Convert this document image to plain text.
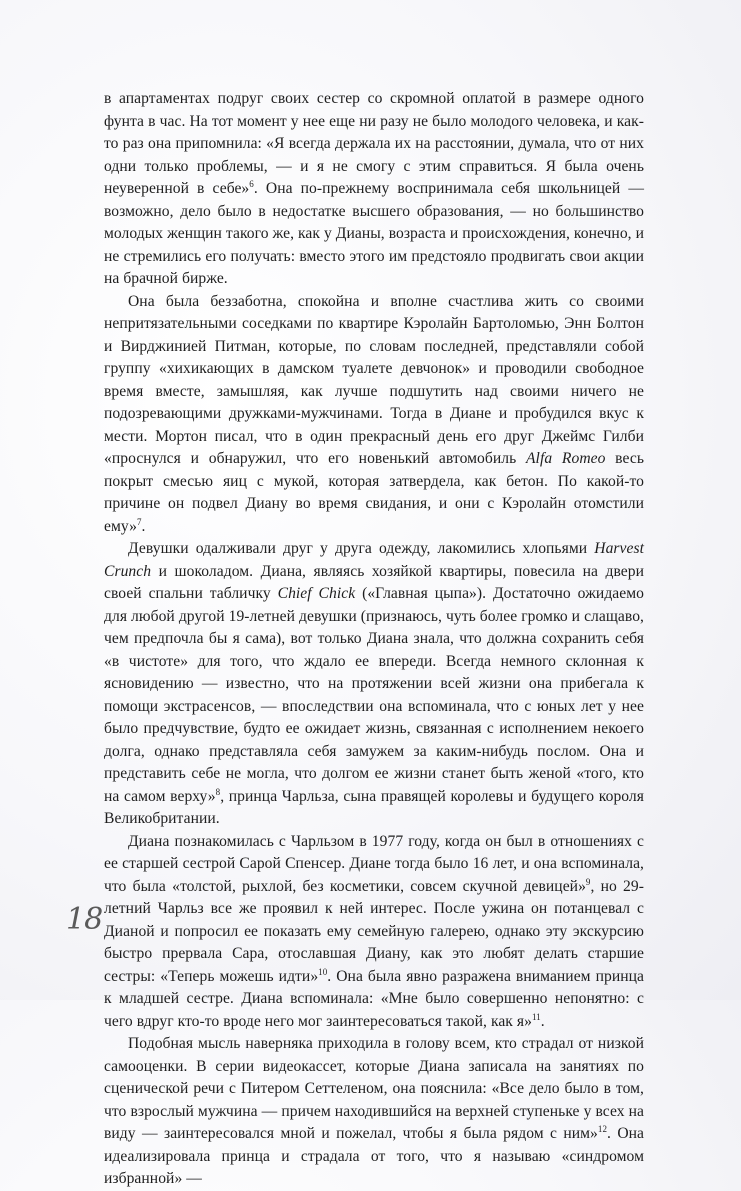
в апартаментах подруг своих сестер со скромной оплатой в размере одного фунта в час. На тот момент у нее еще ни разу не было молодого человека, и как-то раз она припомнила: «Я всегда держала их на расстоянии, думала, что от них одни только проблемы, — и я не смогу с этим справиться. Я была очень неуверенной в себе»$^6$. Она по-прежнему воспринимала себя школьницей — возможно, дело было в недостатке высшего образования, — но большинство молодых женщин такого же, как у Дианы, возраста и происхождения, конечно, и не стремились его получать: вместо этого им предстояло продвигать свои акции на брачной бирже.

Она была беззаботна, спокойна и вполне счастлива жить со своими непритязательными соседками по квартире Кэролайн Бартоломью, Энн Болтон и Вирджинией Питман, которые, по словам последней, представляли собой группу «хихикающих в дамском туалете девчонок» и проводили свободное время вместе, замышляя, как лучше подшутить над своими ничего не подозревающими дружками-мужчинами. Тогда в Диане и пробудился вкус к мести. Мортон писал, что в один прекрасный день его друг Джеймс Гилби «проснулся и обнаружил, что его новенький автомобиль Alfa Romeo весь покрыт смесью яиц с мукой, которая затвердела, как бетон. По какой-то причине он подвел Диану во время свидания, и они с Кэролайн отомстили ему»$^7$.

Девушки одалживали друг у друга одежду, лакомились хлопьями Harvest Crunch и шоколадом. Диана, являясь хозяйкой квартиры, повесила на двери своей спальни табличку Chief Chick («Главная цыпа»). Достаточно ожидаемо для любой другой 19-летней девушки (признаюсь, чуть более громко и слащаво, чем предпочла бы я сама), вот только Диана знала, что должна сохранить себя «в чистоте» для того, что ждало ее впереди. Всегда немного склонная к ясновидению — известно, что на протяжении всей жизни она прибегала к помощи экстрасенсов, — впоследствии она вспоминала, что с юных лет у нее было предчувствие, будто ее ожидает жизнь, связанная с исполнением некоего долга, однако представляла себя замужем за каким-нибудь послом. Она и представить себе не могла, что долгом ее жизни станет быть женой «того, кто на самом верху»$^8$, принца Чарльза, сына правящей королевы и будущего короля Великобритании.

Диана познакомилась с Чарльзом в 1977 году, когда он был в отношениях с ее старшей сестрой Сарой Спенсер. Диане тогда было 16 лет, и она вспоминала, что была «толстой, рыхлой, без косметики, совсем скучной девицей»$^9$, но 29-летний Чарльз все же проявил к ней интерес. После ужина он потанцевал с Дианой и попросил ее показать ему семейную галерею, однако эту экскурсию быстро прервала Сара, отославшая Диану, как это любят делать старшие сестры: «Теперь можешь идти»$^{10}$. Она была явно разражена вниманием принца к младшей сестре. Диана вспоминала: «Мне было совершенно непонятно: с чего вдруг кто-то вроде него мог заинтересоваться такой, как я»$^{11}$.

Подобная мысль наверняка приходила в голову всем, кто страдал от низкой самооценки. В серии видеокассет, которые Диана записала на занятиях по сценической речи с Питером Сеттеленом, она пояснила: «Все дело было в том, что взрослый мужчина — причем находившийся на верхней ступеньке у всех на виду — заинтересовался мной и пожелал, чтобы я была рядом с ним»$^{12}$. Она идеализировала принца и страдала от того, что я называю «синдромом избранной» —

18
